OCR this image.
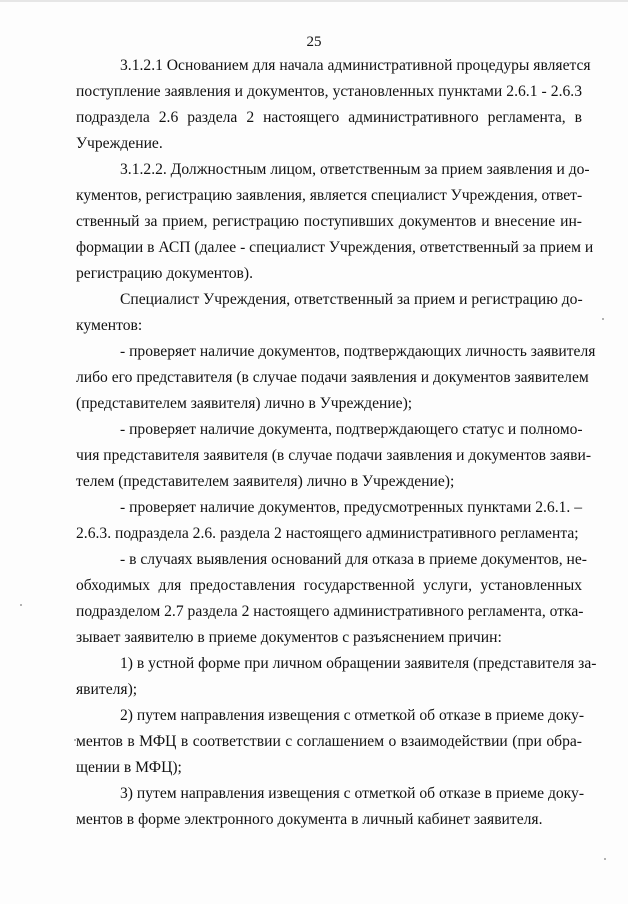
25
3.1.2.1 Основанием для начала административной процедуры является
поступление заявления и документов, установленных пунктами 2.6.1 - 2.6.3
подраздела 2.6 раздела 2 настоящего административного регламента, в
Учреждение.
3.1.2.2. Должностным лицом, ответственным за прием заявления и до-
кументов, регистрацию заявления, является специалист Учреждения, ответ-
ственный за прием, регистрацию поступивших документов и внесение ин-
формации в АСП (далее - специалист Учреждения, ответственный за прием и
регистрацию документов).
Специалист Учреждения, ответственный за прием и регистрацию до-
кументов:
- проверяет наличие документов, подтверждающих личность заявителя
либо его представителя (в случае подачи заявления и документов заявителем
(представителем заявителя) лично в Учреждение);
- проверяет наличие документа, подтверждающего статус и полномо-
чия представителя заявителя (в случае подачи заявления и документов заяви-
телем (представителем заявителя) лично в Учреждение);
- проверяет наличие документов, предусмотренных пунктами 2.6.1. –
2.6.3. подраздела 2.6. раздела 2 настоящего административного регламента;
- в случаях выявления оснований для отказа в приеме документов, не-
обходимых для предоставления государственной услуги, установленных
подразделом 2.7 раздела 2 настоящего административного регламента, отка-
зывает заявителю в приеме документов с разъяснением причин:
1) в устной форме при личном обращении заявителя (представителя за-
явителя);
2) путем направления извещения с отметкой об отказе в приеме доку-
ментов в МФЦ в соответствии с соглашением о взаимодействии (при обра-
щении в МФЦ);
3) путем направления извещения с отметкой об отказе в приеме доку-
ментов в форме электронного документа в личный кабинет заявителя.
